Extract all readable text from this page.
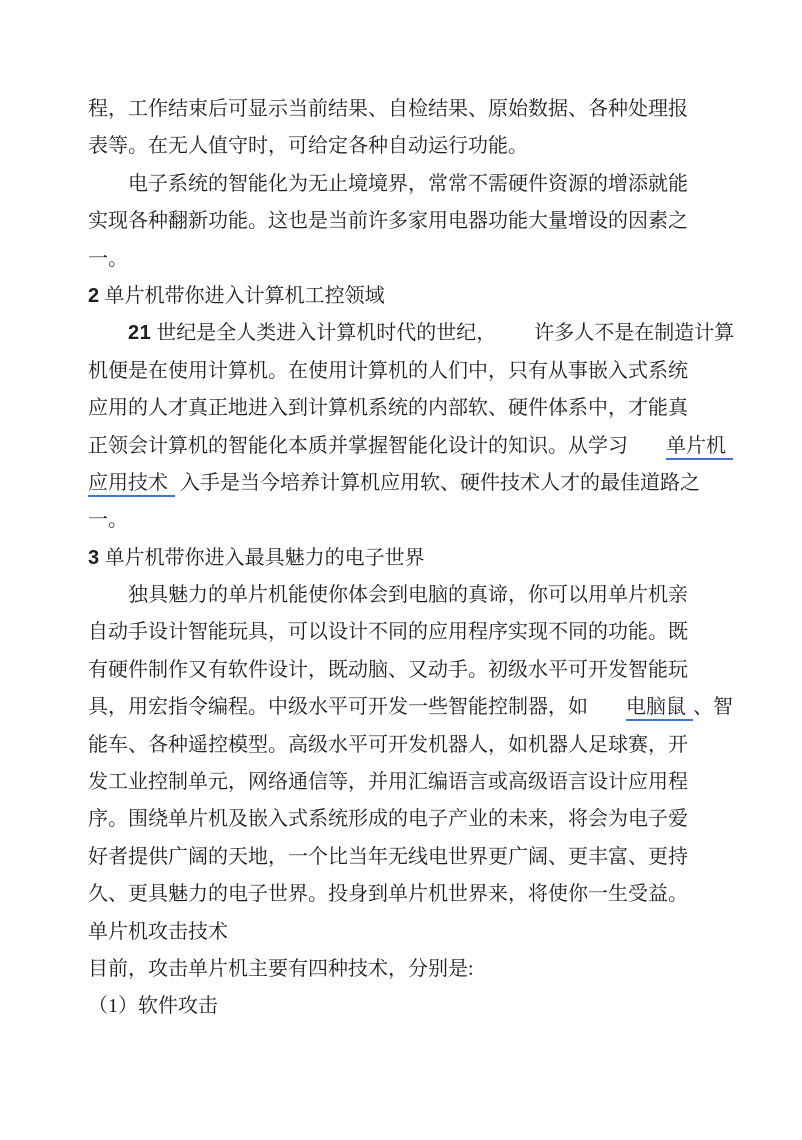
程，工作结束后可显示当前结果、自检结果、原始数据、各种处理报
表等。在无人值守时，可给定各种自动运行功能。
电子系统的智能化为无止境境界，常常不需硬件资源的增添就能
实现各种翻新功能。这也是当前许多家用电器功能大量增设的因素之
一。
2 单片机带你进入计算机工控领域
21 世纪是全人类进入计算机时代的世纪， 许多人不是在制造计算
机便是在使用计算机。在使用计算机的人们中，只有从事嵌入式系统
应用的人才真正地进入到计算机系统的内部软、硬件体系中，才能真
正领会计算机的智能化本质并掌握智能化设计的知识。从学习 单片机
应用技术 入手是当今培养计算机应用软、硬件技术人才的最佳道路之
一。
3 单片机带你进入最具魅力的电子世界
独具魅力的单片机能使你体会到电脑的真谛，你可以用单片机亲
自动手设计智能玩具，可以设计不同的应用程序实现不同的功能。既
有硬件制作又有软件设计，既动脑、又动手。初级水平可开发智能玩
具，用宏指令编程。中级水平可开发一些智能控制器，如 电脑鼠 、智
能车、各种遥控模型。高级水平可开发机器人，如机器人足球赛，开
发工业控制单元，网络通信等，并用汇编语言或高级语言设计应用程
序。围绕单片机及嵌入式系统形成的电子产业的未来，将会为电子爱
好者提供广阔的天地，一个比当年无线电世界更广阔、更丰富、更持
久、更具魅力的电子世界。投身到单片机世界来，将使你一生受益。
单片机攻击技术
目前，攻击单片机主要有四种技术，分别是:
（1）软件攻击
